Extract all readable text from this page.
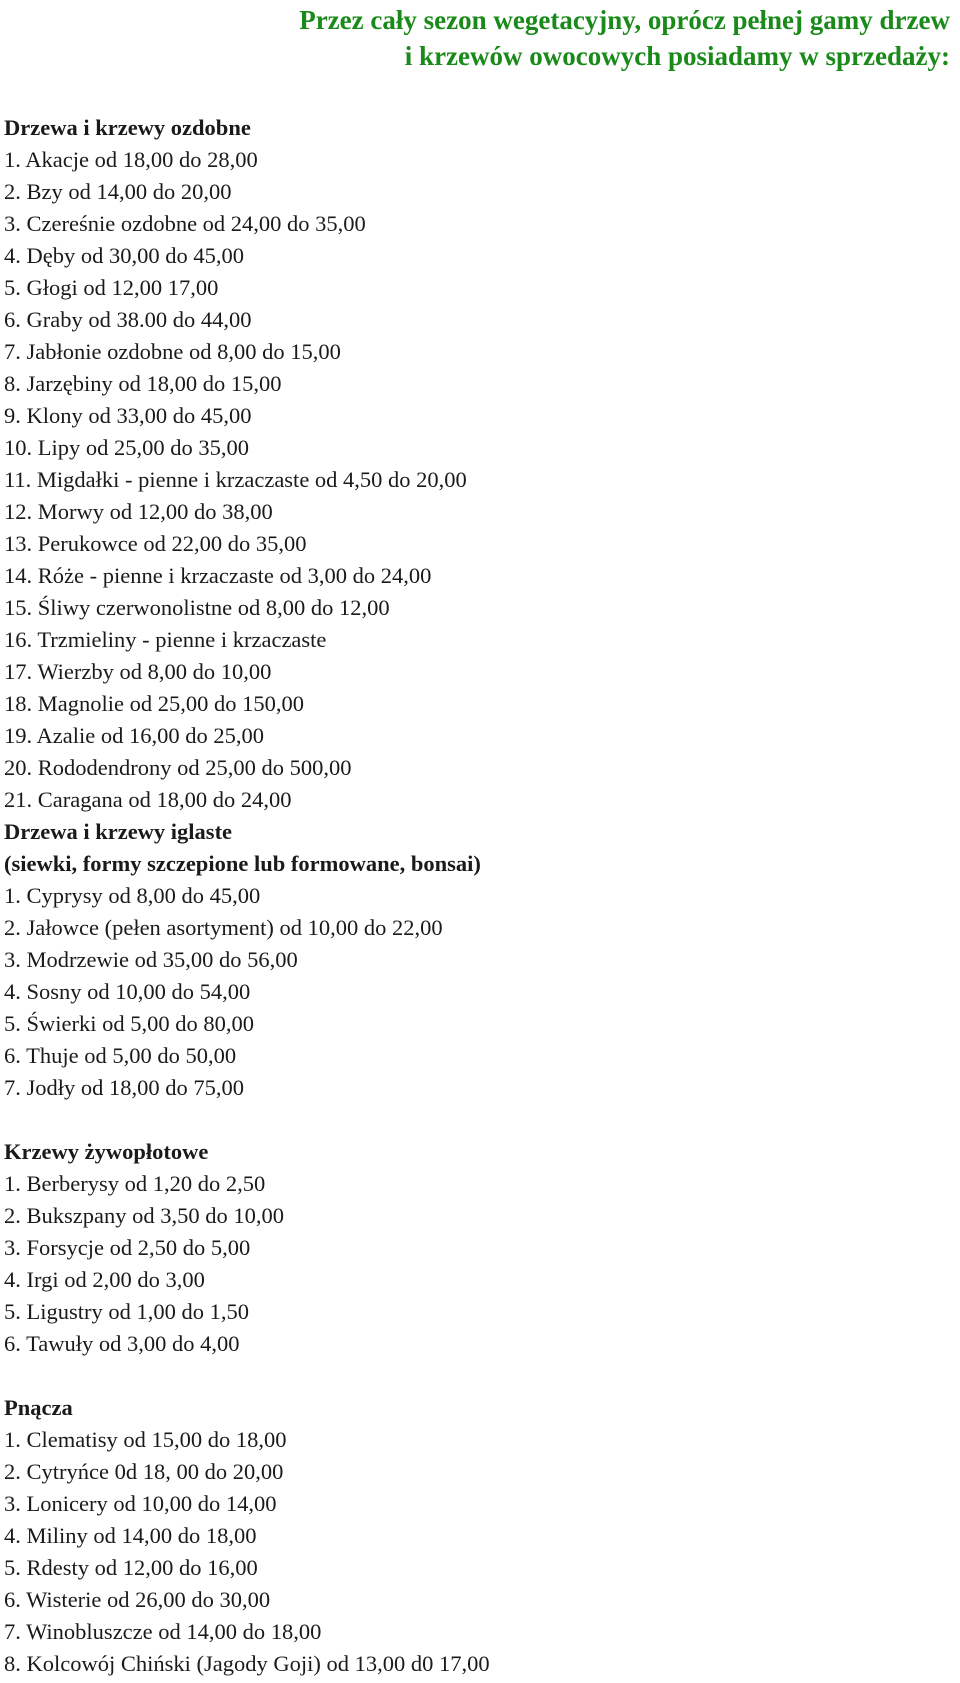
Przez cały sezon wegetacyjny, oprócz pełnej gamy drzew
i krzewów owocowych posiadamy w sprzedaży:
Drzewa i krzewy ozdobne
1. Akacje od 18,00 do 28,00
2. Bzy od 14,00 do 20,00
3. Czereśnie ozdobne od 24,00 do 35,00
4. Dęby od 30,00 do 45,00
5. Głogi od 12,00 17,00
6. Graby od 38.00 do 44,00
7. Jabłonie ozdobne od 8,00 do 15,00
8. Jarzębiny od 18,00 do 15,00
9. Klony od 33,00 do 45,00
10. Lipy od 25,00 do 35,00
11. Migdałki - pienne i krzaczaste od 4,50 do 20,00
12. Morwy od 12,00 do 38,00
13. Perukowce od 22,00 do 35,00
14. Róże - pienne i krzaczaste od 3,00 do 24,00
15. Śliwy czerwonolistne od 8,00 do 12,00
16. Trzmieliny - pienne i krzaczaste
17. Wierzby od 8,00 do 10,00
18. Magnolie od 25,00 do 150,00
19. Azalie od 16,00 do 25,00
20. Rododendrony od 25,00 do 500,00
21. Caragana od 18,00 do 24,00
Drzewa i krzewy iglaste
(siewki, formy szczepione lub formowane, bonsai)
1. Cyprysy od 8,00 do 45,00
2. Jałowce (pełen asortyment) od 10,00 do 22,00
3. Modrzewie od 35,00 do 56,00
4. Sosny od 10,00 do 54,00
5. Świerki od 5,00 do 80,00
6. Thuje od 5,00 do 50,00
7. Jodły od 18,00 do 75,00
Krzewy żywopłotowe
1. Berberysy od 1,20 do 2,50
2. Bukszpany od 3,50 do 10,00
3. Forsycje od 2,50 do 5,00
4. Irgi od 2,00 do 3,00
5. Ligustry od 1,00 do 1,50
6. Tawuły od 3,00 do 4,00
Pnącza
1. Clematisy od 15,00 do 18,00
2. Cytryńce 0d 18, 00 do 20,00
3. Lonicery od 10,00 do 14,00
4. Miliny od 14,00 do 18,00
5. Rdesty od 12,00 do 16,00
6. Wisterie od 26,00 do 30,00
7. Winobluszcze od 14,00 do 18,00
8. Kolcowój Chiński (Jagody Goji) od 13,00 d0 17,00
